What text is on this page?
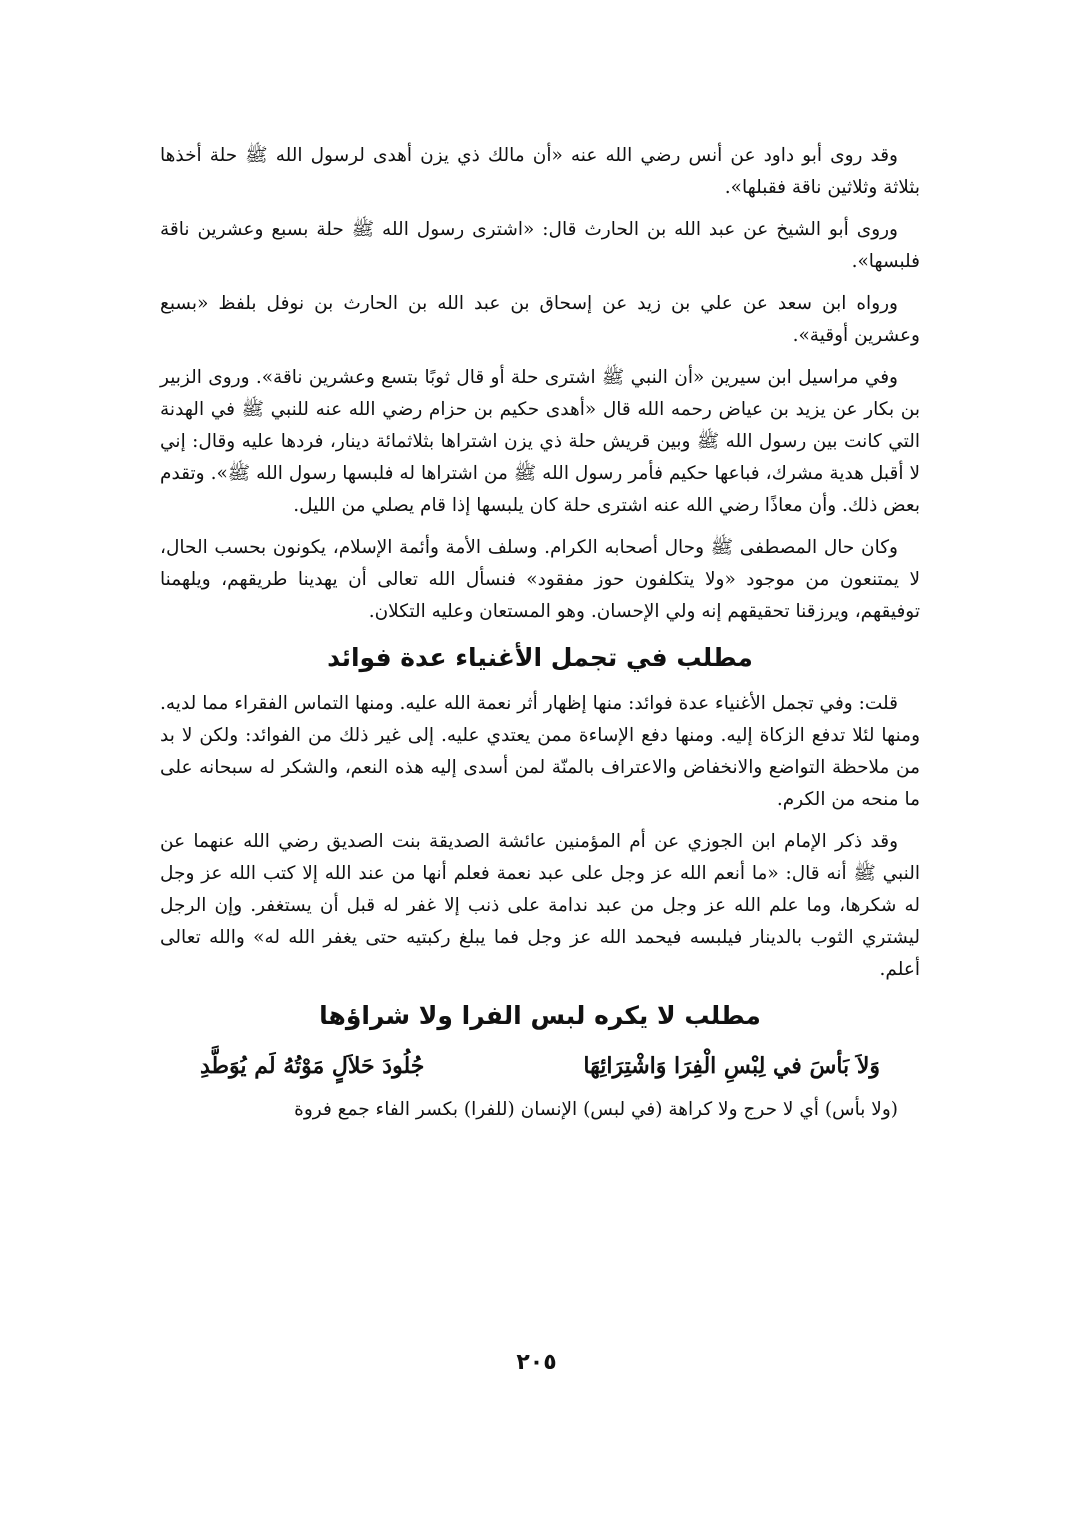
وقد روى أبو داود عن أنس رضي الله عنه «أن مالك ذي يزن أهدى لرسول الله ﷺ حلة أخذها بثلاثة وثلاثين ناقة فقبلها».

وروى أبو الشيخ عن عبد الله بن الحارث قال: «اشترى رسول الله ﷺ حلة بسبع وعشرين ناقة فلبسها».

ورواه ابن سعد عن علي بن زيد عن إسحاق بن عبد الله بن الحارث بن نوفل بلفظ «بسبع وعشرين أوقية».

وفي مراسيل ابن سيرين «أن النبي ﷺ اشترى حلة أو قال ثوبًا بتسع وعشرين ناقة». وروى الزبير بن بكار عن يزيد بن عياض رحمه الله قال «أهدى حكيم بن حزام رضي الله عنه للنبي ﷺ في الهدنة التي كانت بين رسول الله ﷺ وبين قريش حلة ذي يزن اشتراها بثلاثمائة دينار، فردها عليه وقال: إني لا أقبل هدية مشرك، فباعها حكيم فأمر رسول الله ﷺ من اشتراها له فلبسها رسول الله ﷺ». وتقدم بعض ذلك. وأن معاذًا رضي الله عنه اشترى حلة كان يلبسها إذا قام يصلي من الليل.

وكان حال المصطفى ﷺ وحال أصحابه الكرام. وسلف الأمة وأئمة الإسلام، يكونون بحسب الحال، لا يمتنعون من موجود «ولا يتكلفون حوز مفقود» فنسأل الله تعالى أن يهدينا طريقهم، ويلهمنا توفيقهم، ويرزقنا تحقيقهم إنه ولي الإحسان. وهو المستعان وعليه التكلان.

مطلب في تجمل الأغنياء عدة فوائد

قلت: وفي تجمل الأغنياء عدة فوائد: منها إظهار أثر نعمة الله عليه. ومنها التماس الفقراء مما لديه. ومنها لئلا تدفع الزكاة إليه. ومنها دفع الإساءة ممن يعتدي عليه. إلى غير ذلك من الفوائد: ولكن لا بد من ملاحظة التواضع والانخفاض والاعتراف بالمنّة لمن أسدى إليه هذه النعم، والشكر له سبحانه على ما منحه من الكرم.

وقد ذكر الإمام ابن الجوزي عن أم المؤمنين عائشة الصديقة بنت الصديق رضي الله عنهما عن النبي ﷺ أنه قال: «ما أنعم الله عز وجل على عبد نعمة فعلم أنها من عند الله إلا كتب الله عز وجل له شكرها، وما علم الله عز وجل من عبد ندامة على ذنب إلا غفر له قبل أن يستغفر. وإن الرجل ليشتري الثوب بالدينار فيلبسه فيحمد الله عز وجل فما يبلغ ركبتيه حتى يغفر الله له» والله تعالى أعلم.

مطلب لا يكره لبس الفرا ولا شراؤها
وَلاَ بَأسَ في لِبْسِ الْفِرَا وَاشْتِرَائِهَا
جُلُودَ حَلاَلٍ مَوْتُهُ لَم يُوَطَّدِ

(ولا بأس) أي لا حرج ولا كراهة (في لبس) الإنسان (للفرا) بكسر الفاء جمع فروة

٢٠٥
